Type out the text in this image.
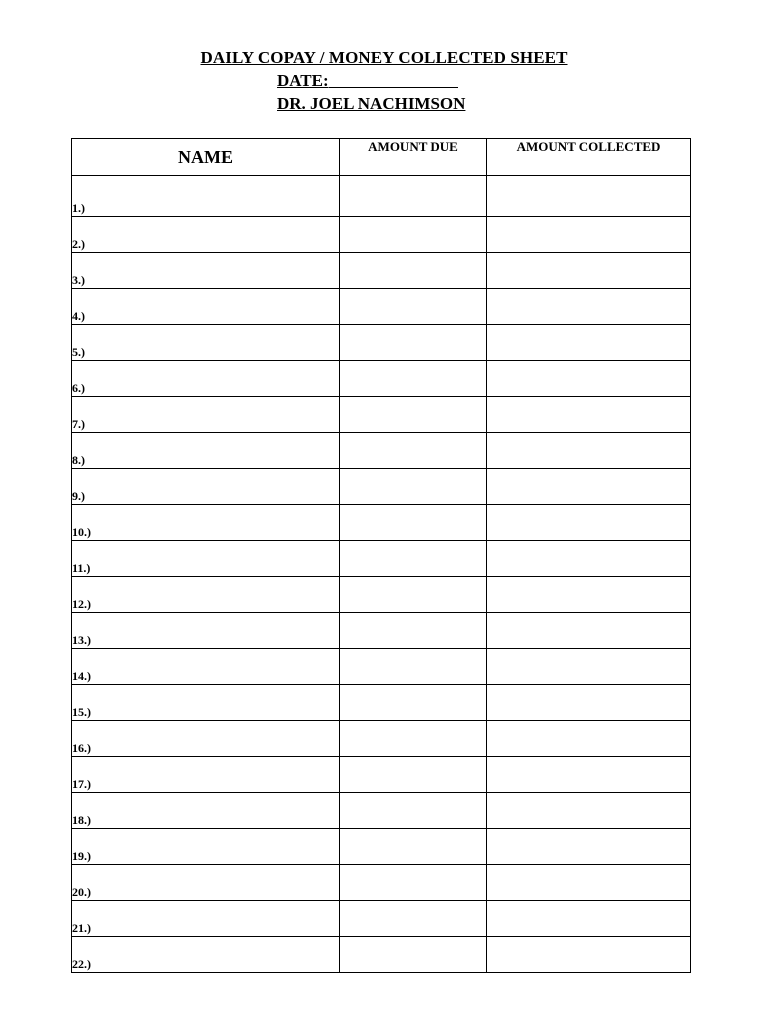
DAILY COPAY / MONEY COLLECTED SHEET
DATE:
DR. JOEL NACHIMSON
NAME	AMOUNT DUE	AMOUNT COLLECTED
1.)		
2.)		
3.)		
4.)		
5.)		
6.)		
7.)		
8.)		
9.)		
10.)		
11.)		
12.)		
13.)		
14.)		
15.)		
16.)		
17.)		
18.)		
19.)		
20.)		
21.)		
22.)		
